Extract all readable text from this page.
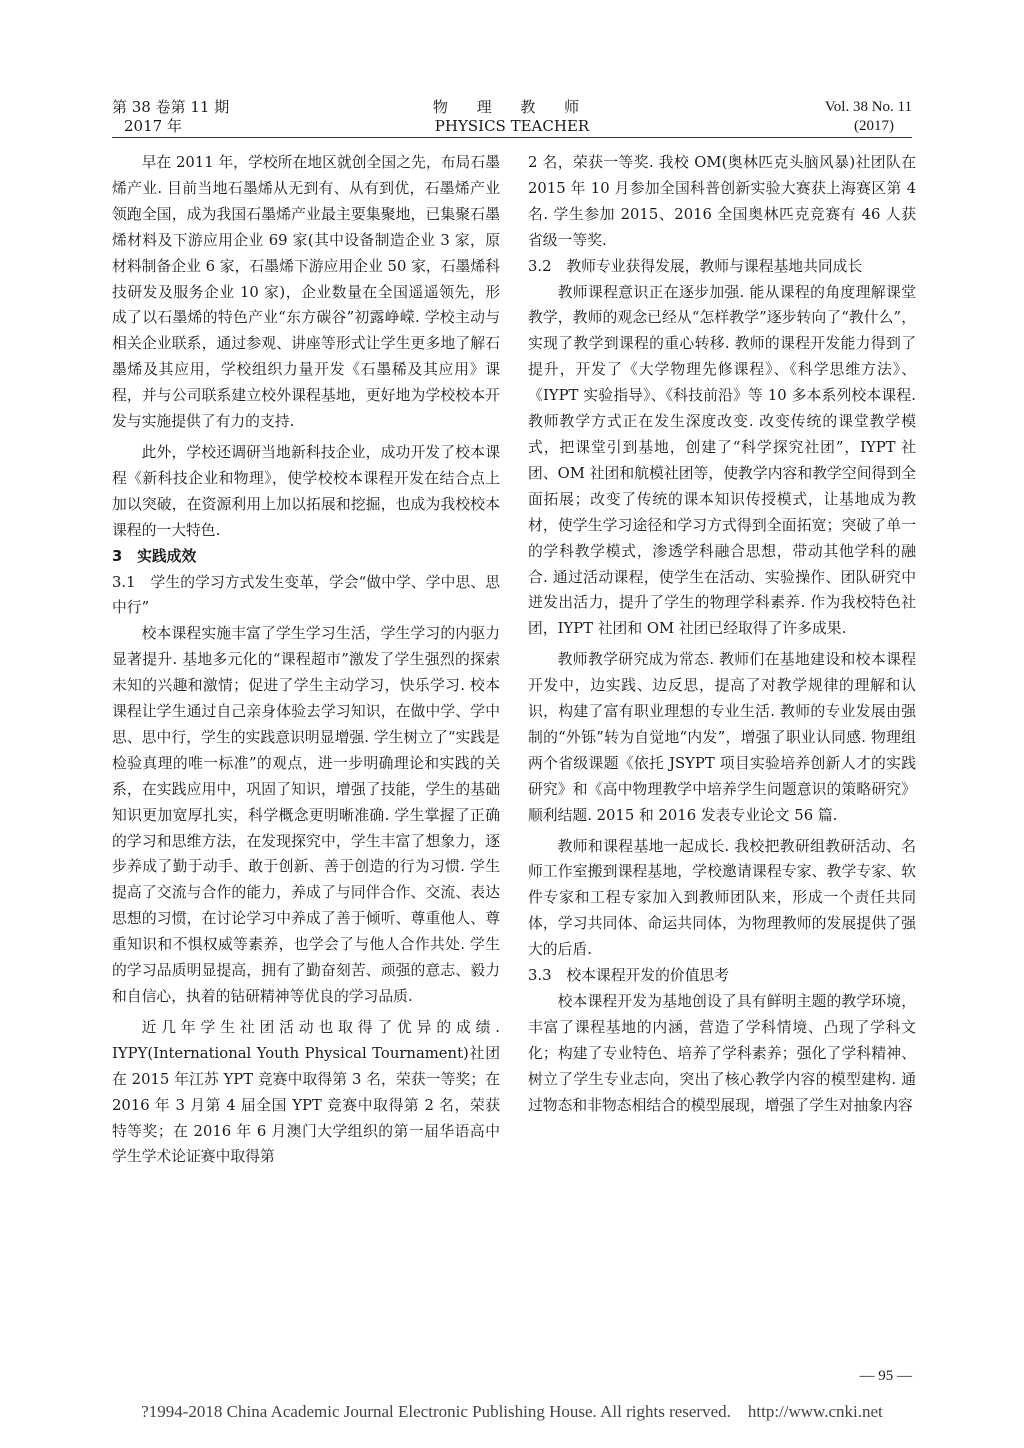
第 38 卷第 11 期
2017 年
物 理 教 师
PHYSICS TEACHER
Vol. 38 No. 11
(2017)

早在 2011 年，学校所在地区就创全国之先，布局石墨烯产业. 目前当地石墨烯从无到有、从有到优，石墨烯产业领跑全国，成为我国石墨烯产业最主要集聚地，已集聚石墨烯材料及下游应用企业 69 家(其中设备制造企业 3 家，原材料制备企业 6 家，石墨烯下游应用企业 50 家，石墨烯科技研发及服务企业 10 家)，企业数量在全国遥遥领先，形成了以石墨烯的特色产业“东方碳谷”初露峥嵘. 学校主动与相关企业联系，通过参观、讲座等形式让学生更多地了解石墨烯及其应用，学校组织力量开发《石墨稀及其应用》课程，并与公司联系建立校外课程基地，更好地为学校校本开发与实施提供了有力的支持.

此外，学校还调研当地新科技企业，成功开发了校本课程《新科技企业和物理》，使学校校本课程开发在结合点上加以突破，在资源利用上加以拓展和挖掘，也成为我校校本课程的一大特色.

3　实践成效

3.1　学生的学习方式发生变革，学会“做中学、学中思、思中行”

校本课程实施丰富了学生学习生活，学生学习的内驱力显著提升. 基地多元化的“课程超市”激发了学生强烈的探索未知的兴趣和激情；促进了学生主动学习，快乐学习. 校本课程让学生通过自己亲身体验去学习知识，在做中学、学中思、思中行，学生的实践意识明显增强. 学生树立了“实践是检验真理的唯一标准”的观点，进一步明确理论和实践的关系，在实践应用中，巩固了知识，增强了技能，学生的基础知识更加宽厚扎实，科学概念更明晰准确. 学生掌握了正确的学习和思维方法，在发现探究中，学生丰富了想象力，逐步养成了勤于动手、敢于创新、善于创造的行为习惯. 学生提高了交流与合作的能力，养成了与同伴合作、交流、表达思想的习惯，在讨论学习中养成了善于倾听、尊重他人、尊重知识和不惧权威等素养，也学会了与他人合作共处. 学生的学习品质明显提高，拥有了勤奋刻苦、顽强的意志、毅力和自信心，执着的钻研精神等优良的学习品质.

近几年学生社团活动也取得了优异的成绩. IYPY(International Youth Physical Tournament)社团在 2015 年江苏 YPT 竞赛中取得第 3 名，荣获一等奖；在 2016 年 3 月第 4 届全国 YPT 竞赛中取得第 2 名，荣获特等奖；在 2016 年 6 月澳门大学组织的第一届华语高中学生学术论证赛中取得第

2 名，荣获一等奖. 我校 OM(奥林匹克头脑风暴)社团队在 2015 年 10 月参加全国科普创新实验大赛获上海赛区第 4 名. 学生参加 2015、2016 全国奥林匹克竞赛有 46 人获省级一等奖.

3.2　教师专业获得发展，教师与课程基地共同成长

教师课程意识正在逐步加强. 能从课程的角度理解课堂教学，教师的观念已经从“怎样教学”逐步转向了“教什么”，实现了教学到课程的重心转移. 教师的课程开发能力得到了提升，开发了《大学物理先修课程》、《科学思维方法》、《IYPT 实验指导》、《科技前沿》等 10 多本系列校本课程. 教师教学方式正在发生深度改变. 改变传统的课堂教学模式，把课堂引到基地，创建了“科学探究社团”，IYPT 社团、OM 社团和航模社团等，使教学内容和教学空间得到全面拓展；改变了传统的课本知识传授模式，让基地成为教材，使学生学习途径和学习方式得到全面拓宽；突破了单一的学科教学模式，渗透学科融合思想，带动其他学科的融合. 通过活动课程，使学生在活动、实验操作、团队研究中迸发出活力，提升了学生的物理学科素养. 作为我校特色社团，IYPT 社团和 OM 社团已经取得了许多成果.

教师教学研究成为常态. 教师们在基地建设和校本课程开发中，边实践、边反思，提高了对教学规律的理解和认识，构建了富有职业理想的专业生活. 教师的专业发展由强制的“外铄”转为自觉地“内发”，增强了职业认同感. 物理组两个省级课题《依托 JSYPT 项目实验培养创新人才的实践研究》和《高中物理教学中培养学生问题意识的策略研究》顺利结题. 2015 和 2016 发表专业论文 56 篇.

教师和课程基地一起成长. 我校把教研组教研活动、名师工作室搬到课程基地，学校邀请课程专家、教学专家、软件专家和工程专家加入到教师团队来，形成一个责任共同体，学习共同体、命运共同体，为物理教师的发展提供了强大的后盾.

3.3　校本课程开发的价值思考

校本课程开发为基地创设了具有鲜明主题的教学环境，丰富了课程基地的内涵，营造了学科情境、凸现了学科文化；构建了专业特色、培养了学科素养；强化了学科精神、树立了学生专业志向，突出了核心教学内容的模型建构. 通过物态和非物态相结合的模型展现，增强了学生对抽象内容

— 95 —
?1994-2018 China Academic Journal Electronic Publishing House. All rights reserved.　http://www.cnki.net
